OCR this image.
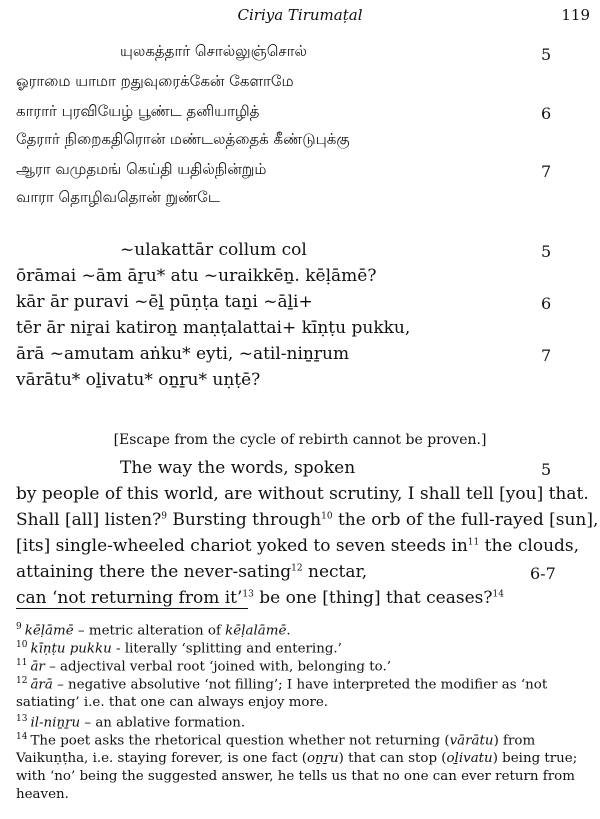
Ciriya Tirumaṭal	119
யுலகத்தார் சொல்லுஞ்சொல்	5
ஓராமை யாமா றதுவுரைக்கேன் கேளாமே
காரார் புரவியேழ் பூண்ட தனியாழித்	6
தேரார் நிறைகதிரொன் மண்டலத்தைக் கீண்டுபுக்கு
ஆரா வமுதமங் கெய்தி யதில்நின்றும்	7
வாரா தொழிவதொன் றுண்டே
~ulakattār collum col	5
ōrāmai ~ām āṟu* atu ~uraikkēṉ. kēḷāmē?
kār ār puravi ~ēḻ pūṇṭa taṉi ~āḻi+	6
tēr ār niṟai katiroṉ maṇṭalattai+ kīṇṭu pukku,
ārā ~amutam aṅku* eyti, ~atil-niṉṟum	7
vārātu* oḻivatu* oṉṟu* uṇṭē?
[Escape from the cycle of rebirth cannot be proven.]
The way the words, spoken	5
by people of this world, are without scrutiny, I shall tell [you] that.
Shall [all] listen?$^9$ Bursting through$^{10}$ the orb of the full-rayed [sun],
[its] single-wheeled chariot yoked to seven steeds $in^{11}$ the clouds,
attaining there the never-sating$^{12}$ nectar,	6-7
can ‘not returning from it’$^{13}$ be one [thing] that ceases?$^{14}$
$^9$ kēḷāmē – metric alteration of kēḷalāmē.
$^{10}$ kīṇṭu pukku - literally ‘splitting and entering.’
$^{11}$ ār – adjectival verbal root ‘joined with, belonging to.’
$^{12}$ ārā – negative absolutive ‘not filling’; I have interpreted the modifier as ‘not satiating’ i.e. that one can always enjoy more.
$^{13}$ il-niṉṟu – an ablative formation.
$^{14}$ The poet asks the rhetorical question whether not returning (vārātu) from Vaikuṇṭha, i.e. staying forever, is one fact (oṉṟu) that can stop (oḻivatu) being true; with ‘no’ being the suggested answer, he tells us that no one can ever return from heaven.
